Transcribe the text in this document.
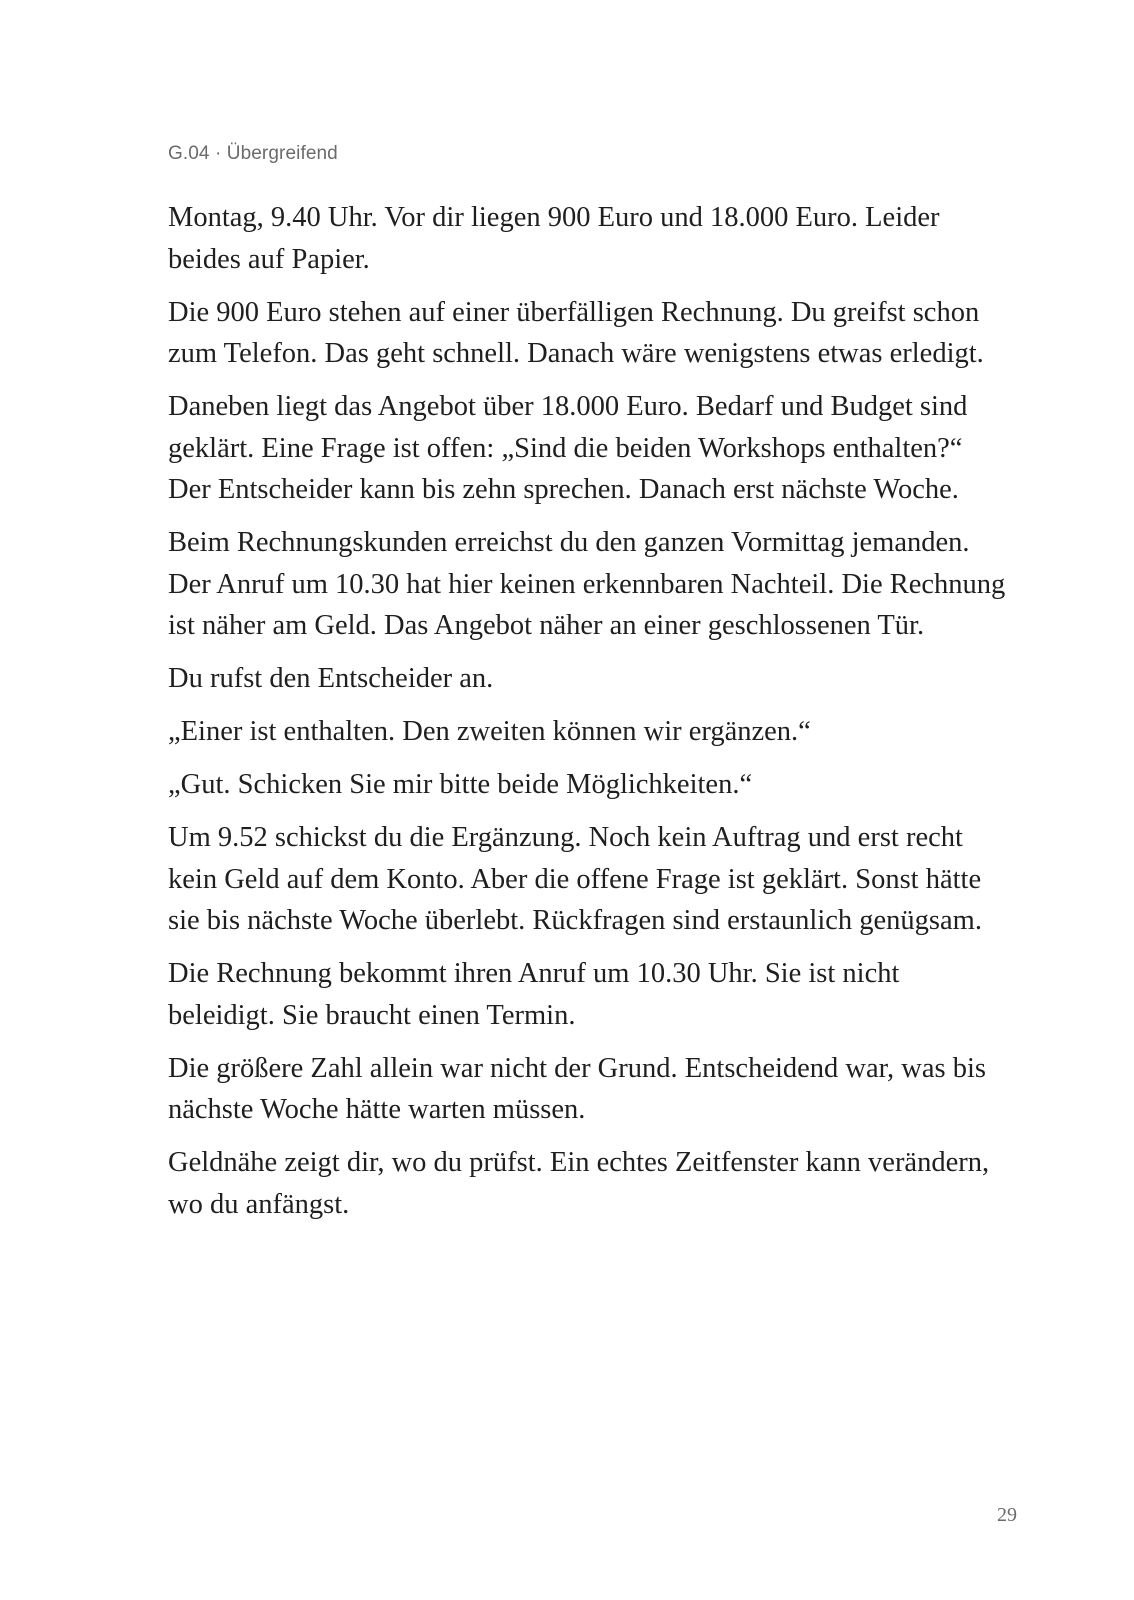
G.04 · Übergreifend

Montag, 9.40 Uhr. Vor dir liegen 900 Euro und 18.000 Euro. Leider beides auf Papier.

Die 900 Euro stehen auf einer überfälligen Rechnung. Du greifst schon zum Telefon. Das geht schnell. Danach wäre wenigstens etwas erledigt.

Daneben liegt das Angebot über 18.000 Euro. Bedarf und Budget sind geklärt. Eine Frage ist offen: „Sind die beiden Workshops enthalten?“ Der Entscheider kann bis zehn sprechen. Danach erst nächste Woche.

Beim Rechnungskunden erreichst du den ganzen Vormittag jemanden. Der Anruf um 10.30 hat hier keinen erkennbaren Nachteil. Die Rechnung ist näher am Geld. Das Angebot näher an einer geschlossenen Tür.

Du rufst den Entscheider an.

„Einer ist enthalten. Den zweiten können wir ergänzen.“

„Gut. Schicken Sie mir bitte beide Möglichkeiten.“

Um 9.52 schickst du die Ergänzung. Noch kein Auftrag und erst recht kein Geld auf dem Konto. Aber die offene Frage ist geklärt. Sonst hätte sie bis nächste Woche überlebt. Rückfragen sind erstaunlich genügsam.

Die Rechnung bekommt ihren Anruf um 10.30 Uhr. Sie ist nicht beleidigt. Sie braucht einen Termin.

Die größere Zahl allein war nicht der Grund. Entscheidend war, was bis nächste Woche hätte warten müssen.

Geldnähe zeigt dir, wo du prüfst. Ein echtes Zeitfenster kann verändern, wo du anfängst.

29
